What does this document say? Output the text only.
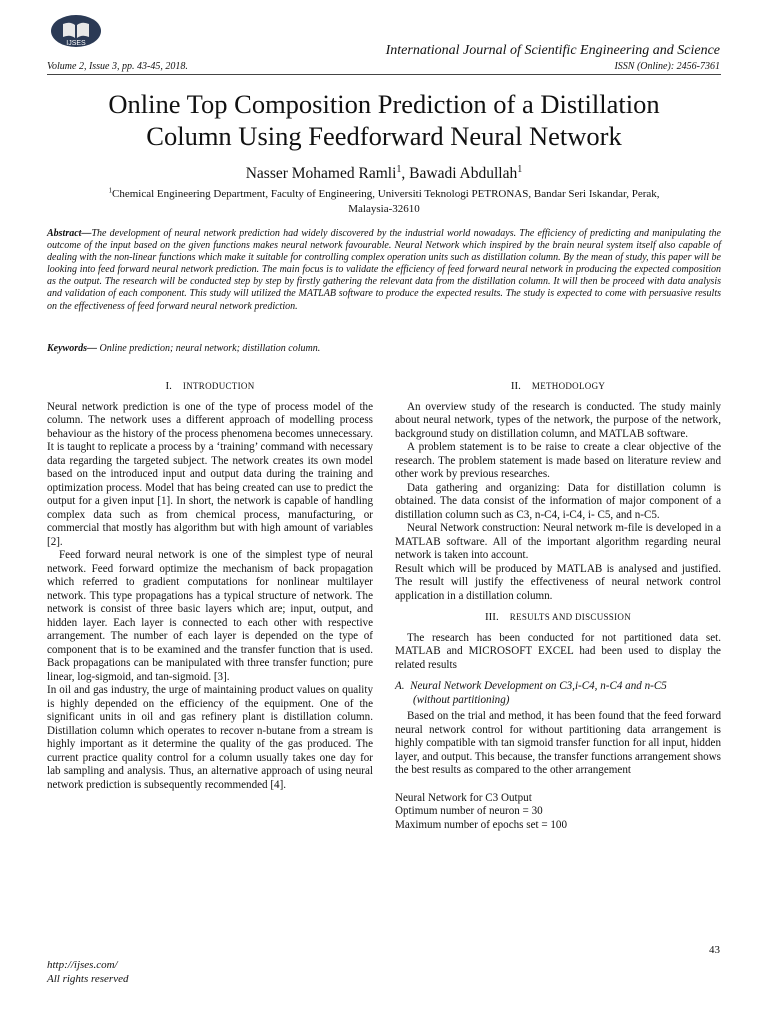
IJSES	International Journal of Scientific Engineering and Science
Volume 2, Issue 3, pp. 43-45, 2018.	ISSN (Online): 2456-7361
Online Top Composition Prediction of a Distillation
Column Using Feedforward Neural Network
Nasser Mohamed Ramli$^1$, Bawadi Abdullah$^1$
$^1$Chemical Engineering Department, Faculty of Engineering, Universiti Teknologi PETRONAS, Bandar Seri Iskandar, Perak,
Malaysia-32610
Abstract—The development of neural network prediction had widely discovered by the industrial world nowadays. The efficiency of predicting and manipulating the outcome of the input based on the given functions makes neural network favourable. Neural Network which inspired by the brain neural system itself also capable of dealing with the non-linear functions which make it suitable for controlling complex operation units such as distillation column. By the mean of study, this paper will be looking into feed forward neural network prediction. The main focus is to validate the efficiency of feed forward neural network in producing the expected composition as the output. The research will be conducted step by step by firstly gathering the relevant data from the distillation column. It will then be proceed with data analysis and validation of each component. This study will utilized the MATLAB software to produce the expected results. The study is expected to come with persuasive results on the effectiveness of feed forward neural network prediction.
Keywords— Online prediction; neural network; distillation column.
I. INTRODUCTION

Neural network prediction is one of the type of process model of the column. The network uses a different approach of modelling process behaviour as the history of the process phenomena becomes unnecessary. It is taught to replicate a process by a ‘training’ command with necessary data regarding the targeted subject. The network creates its own model based on the introduced input and output data during the training and optimization process. Model that has being created can use to predict the output for a given input [1]. In short, the network is capable of handling complex data such as from chemical process, manufacturing, or commercial that mostly has algorithm but with high amount of variables [2].

Feed forward neural network is one of the simplest type of neural network. Feed forward optimize the mechanism of back propagation which referred to gradient computations for nonlinear multilayer network. This type propagations has a typical structure of network. The network is consist of three basic layers which are; input, output, and hidden layer. Each layer is connected to each other with respective arrangement. The number of each layer is depended on the type of component that is to be examined and the transfer function that is used. Back propagations can be manipulated with three transfer function; pure linear, log-sigmoid, and tan-sigmoid. [3].

In oil and gas industry, the urge of maintaining product values on quality is highly depended on the efficiency of the equipment. One of the significant units in oil and gas refinery plant is distillation column. Distillation column which operates to recover n-butane from a stream is highly important as it determine the quality of the gas produced. The current practice quality control for a column usually takes one day for lab sampling and analysis. Thus, an alternative approach of using neural network prediction is subsequently recommended [4].

II. METHODOLOGY

An overview study of the research is conducted. The study mainly about neural network, types of the network, the purpose of the network, background study on distillation column, and MATLAB software.

A problem statement is to be raise to create a clear objective of the research. The problem statement is made based on literature review and other work by previous researches.

Data gathering and organizing: Data for distillation column is obtained. The data consist of the information of major component of a distillation column such as C3, n-C4, i-C4, i- C5, and n-C5.

Neural Network construction: Neural network m-file is developed in a MATLAB software. All of the important algorithm regarding neural network is taken into account.

Result which will be produced by MATLAB is analysed and justified. The result will justify the effectiveness of neural network control application in a distillation column.

III. RESULTS AND DISCUSSION

The research has been conducted for not partitioned data set. MATLAB and MICROSOFT EXCEL had been used to display the related results

A. Neural Network Development on C3,i-C4, n-C4 and n-C5
(without partitioning)

Based on the trial and method, it has been found that the feed forward neural network control for without partitioning data arrangement is highly compatible with tan sigmoid transfer function for all input, hidden layer, and output. This because, the transfer functions arrangement shows the best results as compared to the other arrangement

Neural Network for C3 Output
Optimum number of neuron = 30
Maximum number of epochs set = 100
43
http://ijses.com/
All rights reserved
